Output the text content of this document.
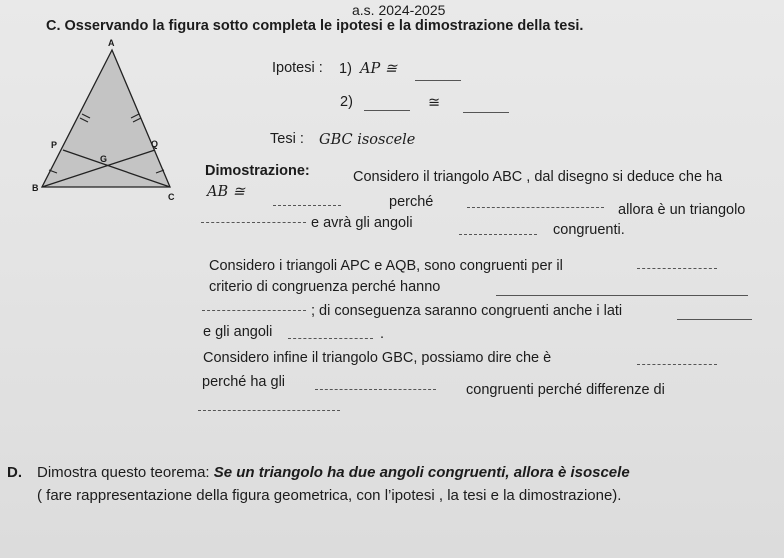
a.s. 2024-2025
C. Osservando la figura sotto completa le ipotesi e la dimostrazione della tesi.
A
B
C
P	Q
G
Ipotesi : 1) AP ≅
2)	≅
Tesi : GBC isoscele
Dimostrazione:	Considero il triangolo ABC , dal disegno si deduce che ha
AB ≅
perché	allora è un triangolo
e avrà gli angoli	congruenti.
Considero i triangoli APC e AQB, sono congruenti per il
criterio di congruenza perché hanno
; di conseguenza saranno congruenti anche i lati
e gli angoli	.
Considero infine il triangolo GBC, possiamo dire che è
perché ha gli	congruenti perché differenze di
D. Dimostra questo teorema: Se un triangolo ha due angoli congruenti, allora è isoscele
( fare rappresentazione della figura geometrica, con l’ipotesi , la tesi e la dimostrazione).
